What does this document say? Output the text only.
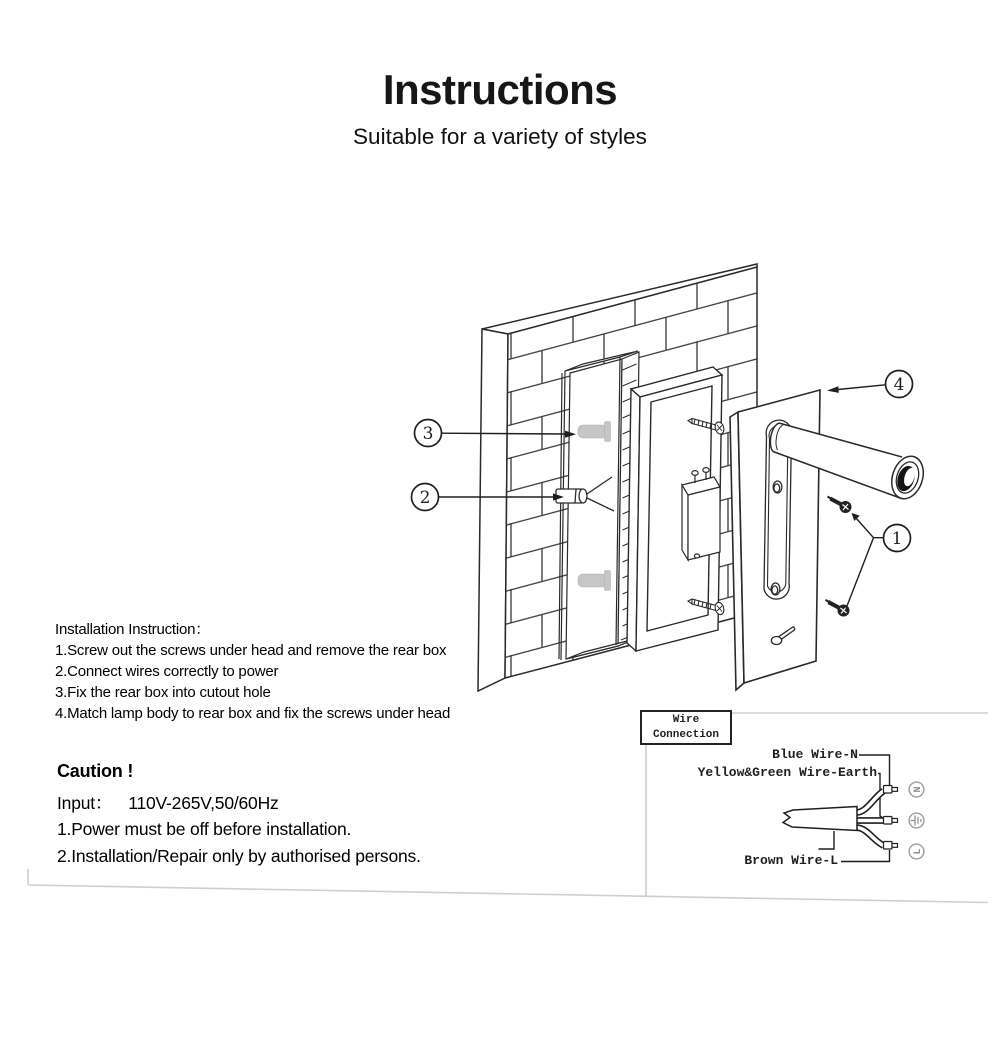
Instructions
Suitable for a variety of styles
3
2
4
1
N
L
Installation Instruction：
1.Screw out the screws under head and remove the rear box
2.Connect wires correctly to power
3.Fix the rear box into cutout hole
4.Match lamp body to rear box and fix the screws under head
Caution !
Input： 110V-265V,50/60Hz
1.Power must be off before installation.
2.Installation/Repair only by authorised persons.
Wire
Connection
Blue Wire-N
Yellow&Green Wire-Earth
Brown Wire-L
